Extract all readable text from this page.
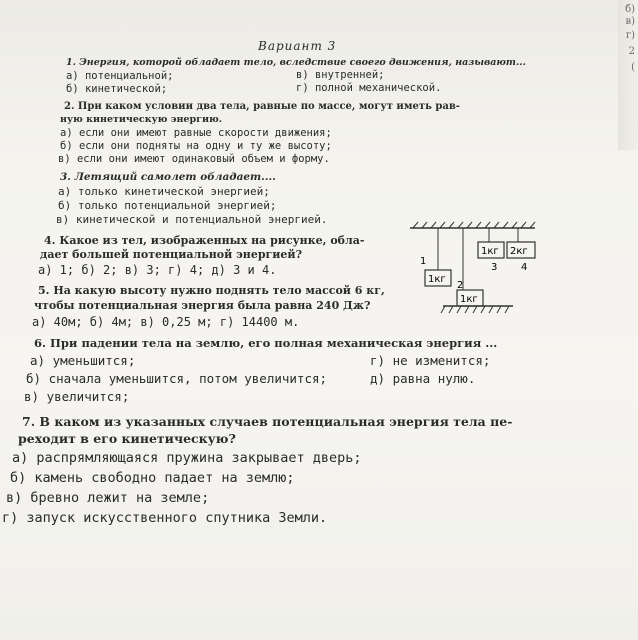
б)
в)
г)
2
(
Вариант 3
1. Энергия, которой обладает тело, вследствие своего движения, называют...
а) потенциальной;	в) внутренней;
б) кинетической;	г) полной механической.
2. При каком условии два тела, равные по массе, могут иметь рав-
ную кинетическую энергию.
а) если они имеют равные скорости движения;
б) если они подняты на одну и ту же высоту;
в) если они имеют одинаковый объем и форму.
3. Летящий самолет обладает....
а) только кинетической энергией;
б) только потенциальной энергией;
в) кинетической и потенциальной энергией.
4. Какое из тел, изображенных на рисунке, обла-
дает большей потенциальной энергией?
а) 1; б) 2; в) 3; г) 4; д) 3 и 4.
5. На какую высоту нужно поднять тело массой 6 кг,
чтобы потенциальная энергия была равна 240 Дж?
а) 40м; б) 4м; в) 0,25 м; г) 14400 м.
1кг
1кг
1кг 2кг
1
2
3 4
6. При падении тела на землю, его полная механическая энергия ...
а) уменьшится;	г) не изменится;
б) сначала уменьшится, потом увеличится;	д) равна нулю.
в) увеличится;
7. В каком из указанных случаев потенциальная энергия тела пе-
реходит в его кинетическую?
а) распрямляющаяся пружина закрывает дверь;
б) камень свободно падает на землю;
в) бревно лежит на земле;
г) запуск искусственного спутника Земли.
